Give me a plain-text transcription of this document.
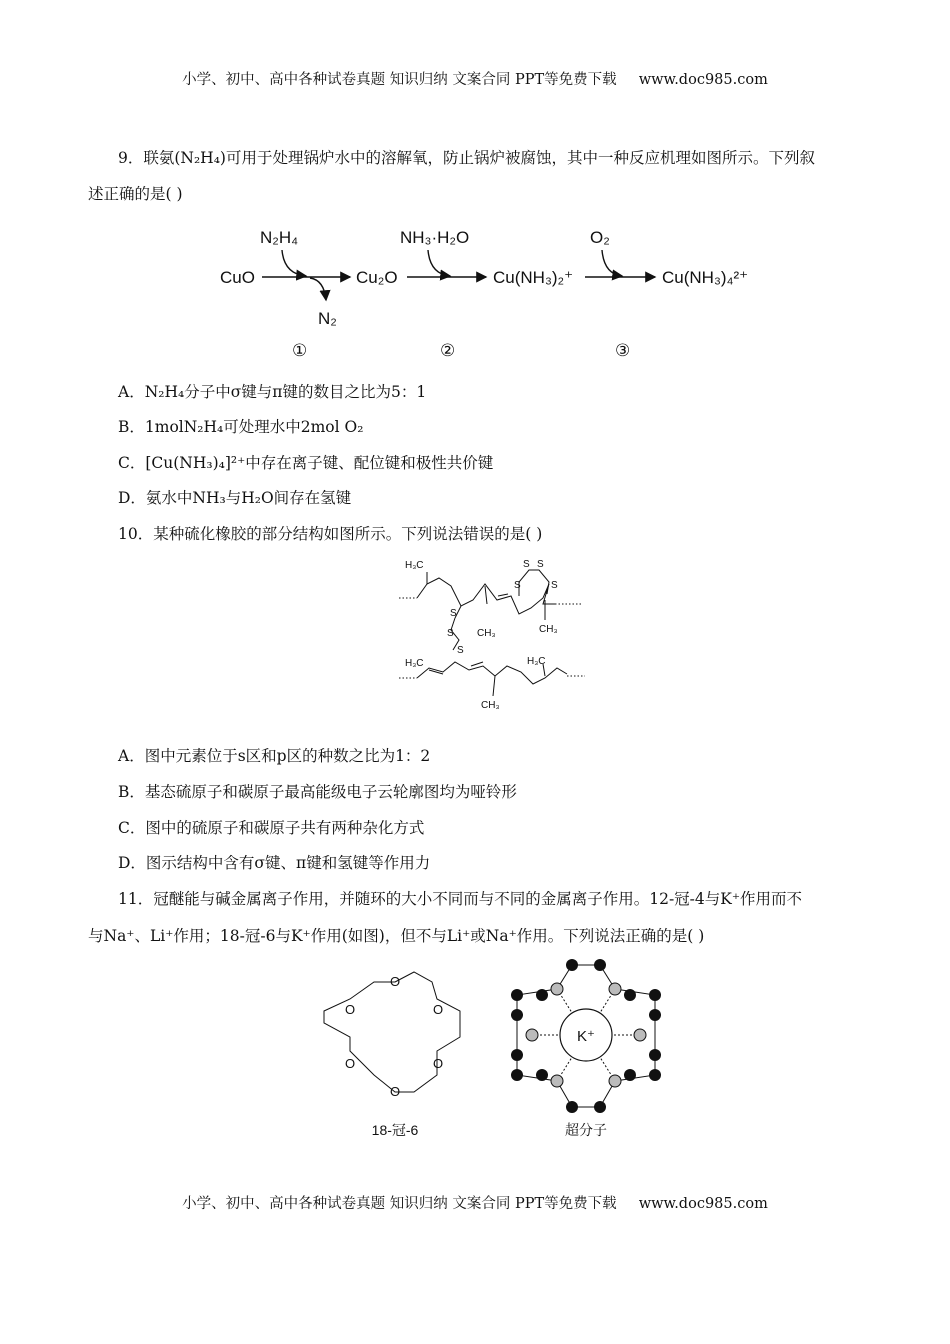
小学、初中、高中各种试卷真题 知识归纳 文案合同 PPT等免费下载 www.doc985.com
9．联氨(N₂H₄)可用于处理锅炉水中的溶解氧，防止锅炉被腐蚀，其中一种反应机理如图所示。下列叙
述正确的是( )
CuO
N₂H₄
N₂
Cu₂O
NH₃·H₂O
Cu(NH₃)₂⁺
O₂
Cu(NH₃)₄²⁺
①	②	③
A．N₂H₄分子中σ键与π键的数目之比为5：1
B．1molN₂H₄可处理水中2mol O₂
C．[Cu(NH₃)₄]²⁺中存在离子键、配位键和极性共价键
D．氨水中NH₃与H₂O间存在氢键
10．某种硫化橡胶的部分结构如图所示。下列说法错误的是( )
H₃C
CH₃	CH₃
S
S S
S
S
S
S
H₃C	H₃C
CH₃
A．图中元素位于s区和p区的种数之比为1：2
B．基态硫原子和碳原子最高能级电子云轮廓图均为哑铃形
C．图中的硫原子和碳原子共有两种杂化方式
D．图示结构中含有σ键、π键和氢键等作用力
11．冠醚能与碱金属离子作用，并随环的大小不同而与不同的金属离子作用。12-冠-4与K⁺作用而不
与Na⁺、Li⁺作用；18-冠-6与K⁺作用(如图)，但不与Li⁺或Na⁺作用。下列说法正确的是( )
O
O
O
O
O
O
18-冠-6
K⁺
超分子
小学、初中、高中各种试卷真题 知识归纳 文案合同 PPT等免费下载 www.doc985.com
